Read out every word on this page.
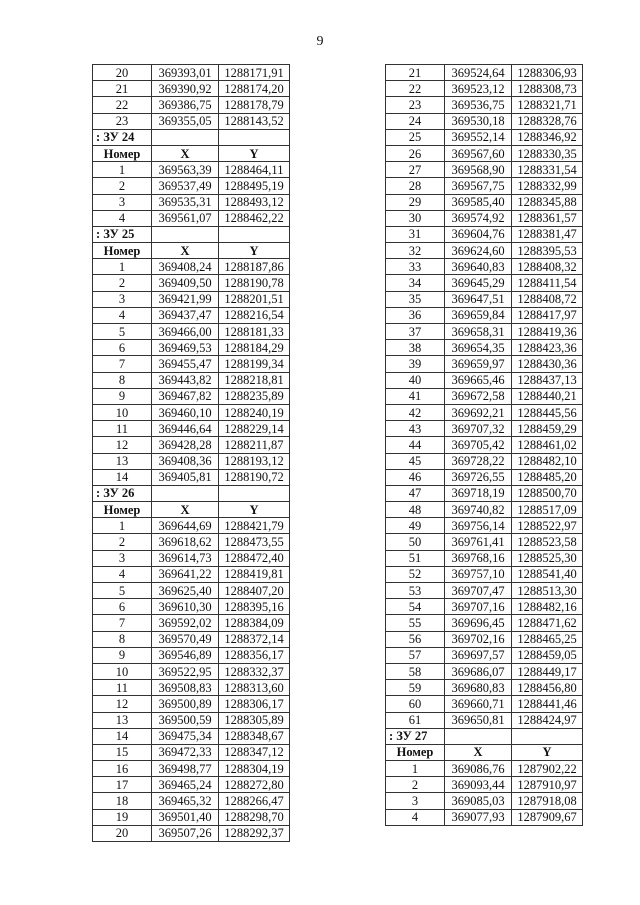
9
20	369393,01	1288171,91
21	369390,92	1288174,20
22	369386,75	1288178,79
23	369355,05	1288143,52
: ЗУ 24		
Номер	X	Y
1	369563,39	1288464,11
2	369537,49	1288495,19
3	369535,31	1288493,12
4	369561,07	1288462,22
: ЗУ 25		
Номер	X	Y
1	369408,24	1288187,86
2	369409,50	1288190,78
3	369421,99	1288201,51
4	369437,47	1288216,54
5	369466,00	1288181,33
6	369469,53	1288184,29
7	369455,47	1288199,34
8	369443,82	1288218,81
9	369467,82	1288235,89
10	369460,10	1288240,19
11	369446,64	1288229,14
12	369428,28	1288211,87
13	369408,36	1288193,12
14	369405,81	1288190,72
: ЗУ 26		
Номер	X	Y
1	369644,69	1288421,79
2	369618,62	1288473,55
3	369614,73	1288472,40
4	369641,22	1288419,81
5	369625,40	1288407,20
6	369610,30	1288395,16
7	369592,02	1288384,09
8	369570,49	1288372,14
9	369546,89	1288356,17
10	369522,95	1288332,37
11	369508,83	1288313,60
12	369500,89	1288306,17
13	369500,59	1288305,89
14	369475,34	1288348,67
15	369472,33	1288347,12
16	369498,77	1288304,19
17	369465,24	1288272,80
18	369465,32	1288266,47
19	369501,40	1288298,70
20	369507,26	1288292,37
21	369524,64	1288306,93
22	369523,12	1288308,73
23	369536,75	1288321,71
24	369530,18	1288328,76
25	369552,14	1288346,92
26	369567,60	1288330,35
27	369568,90	1288331,54
28	369567,75	1288332,99
29	369585,40	1288345,88
30	369574,92	1288361,57
31	369604,76	1288381,47
32	369624,60	1288395,53
33	369640,83	1288408,32
34	369645,29	1288411,54
35	369647,51	1288408,72
36	369659,84	1288417,97
37	369658,31	1288419,36
38	369654,35	1288423,36
39	369659,97	1288430,36
40	369665,46	1288437,13
41	369672,58	1288440,21
42	369692,21	1288445,56
43	369707,32	1288459,29
44	369705,42	1288461,02
45	369728,22	1288482,10
46	369726,55	1288485,20
47	369718,19	1288500,70
48	369740,82	1288517,09
49	369756,14	1288522,97
50	369761,41	1288523,58
51	369768,16	1288525,30
52	369757,10	1288541,40
53	369707,47	1288513,30
54	369707,16	1288482,16
55	369696,45	1288471,62
56	369702,16	1288465,25
57	369697,57	1288459,05
58	369686,07	1288449,17
59	369680,83	1288456,80
60	369660,71	1288441,46
61	369650,81	1288424,97
: ЗУ 27		
Номер	X	Y
1	369086,76	1287902,22
2	369093,44	1287910,97
3	369085,03	1287918,08
4	369077,93	1287909,67
